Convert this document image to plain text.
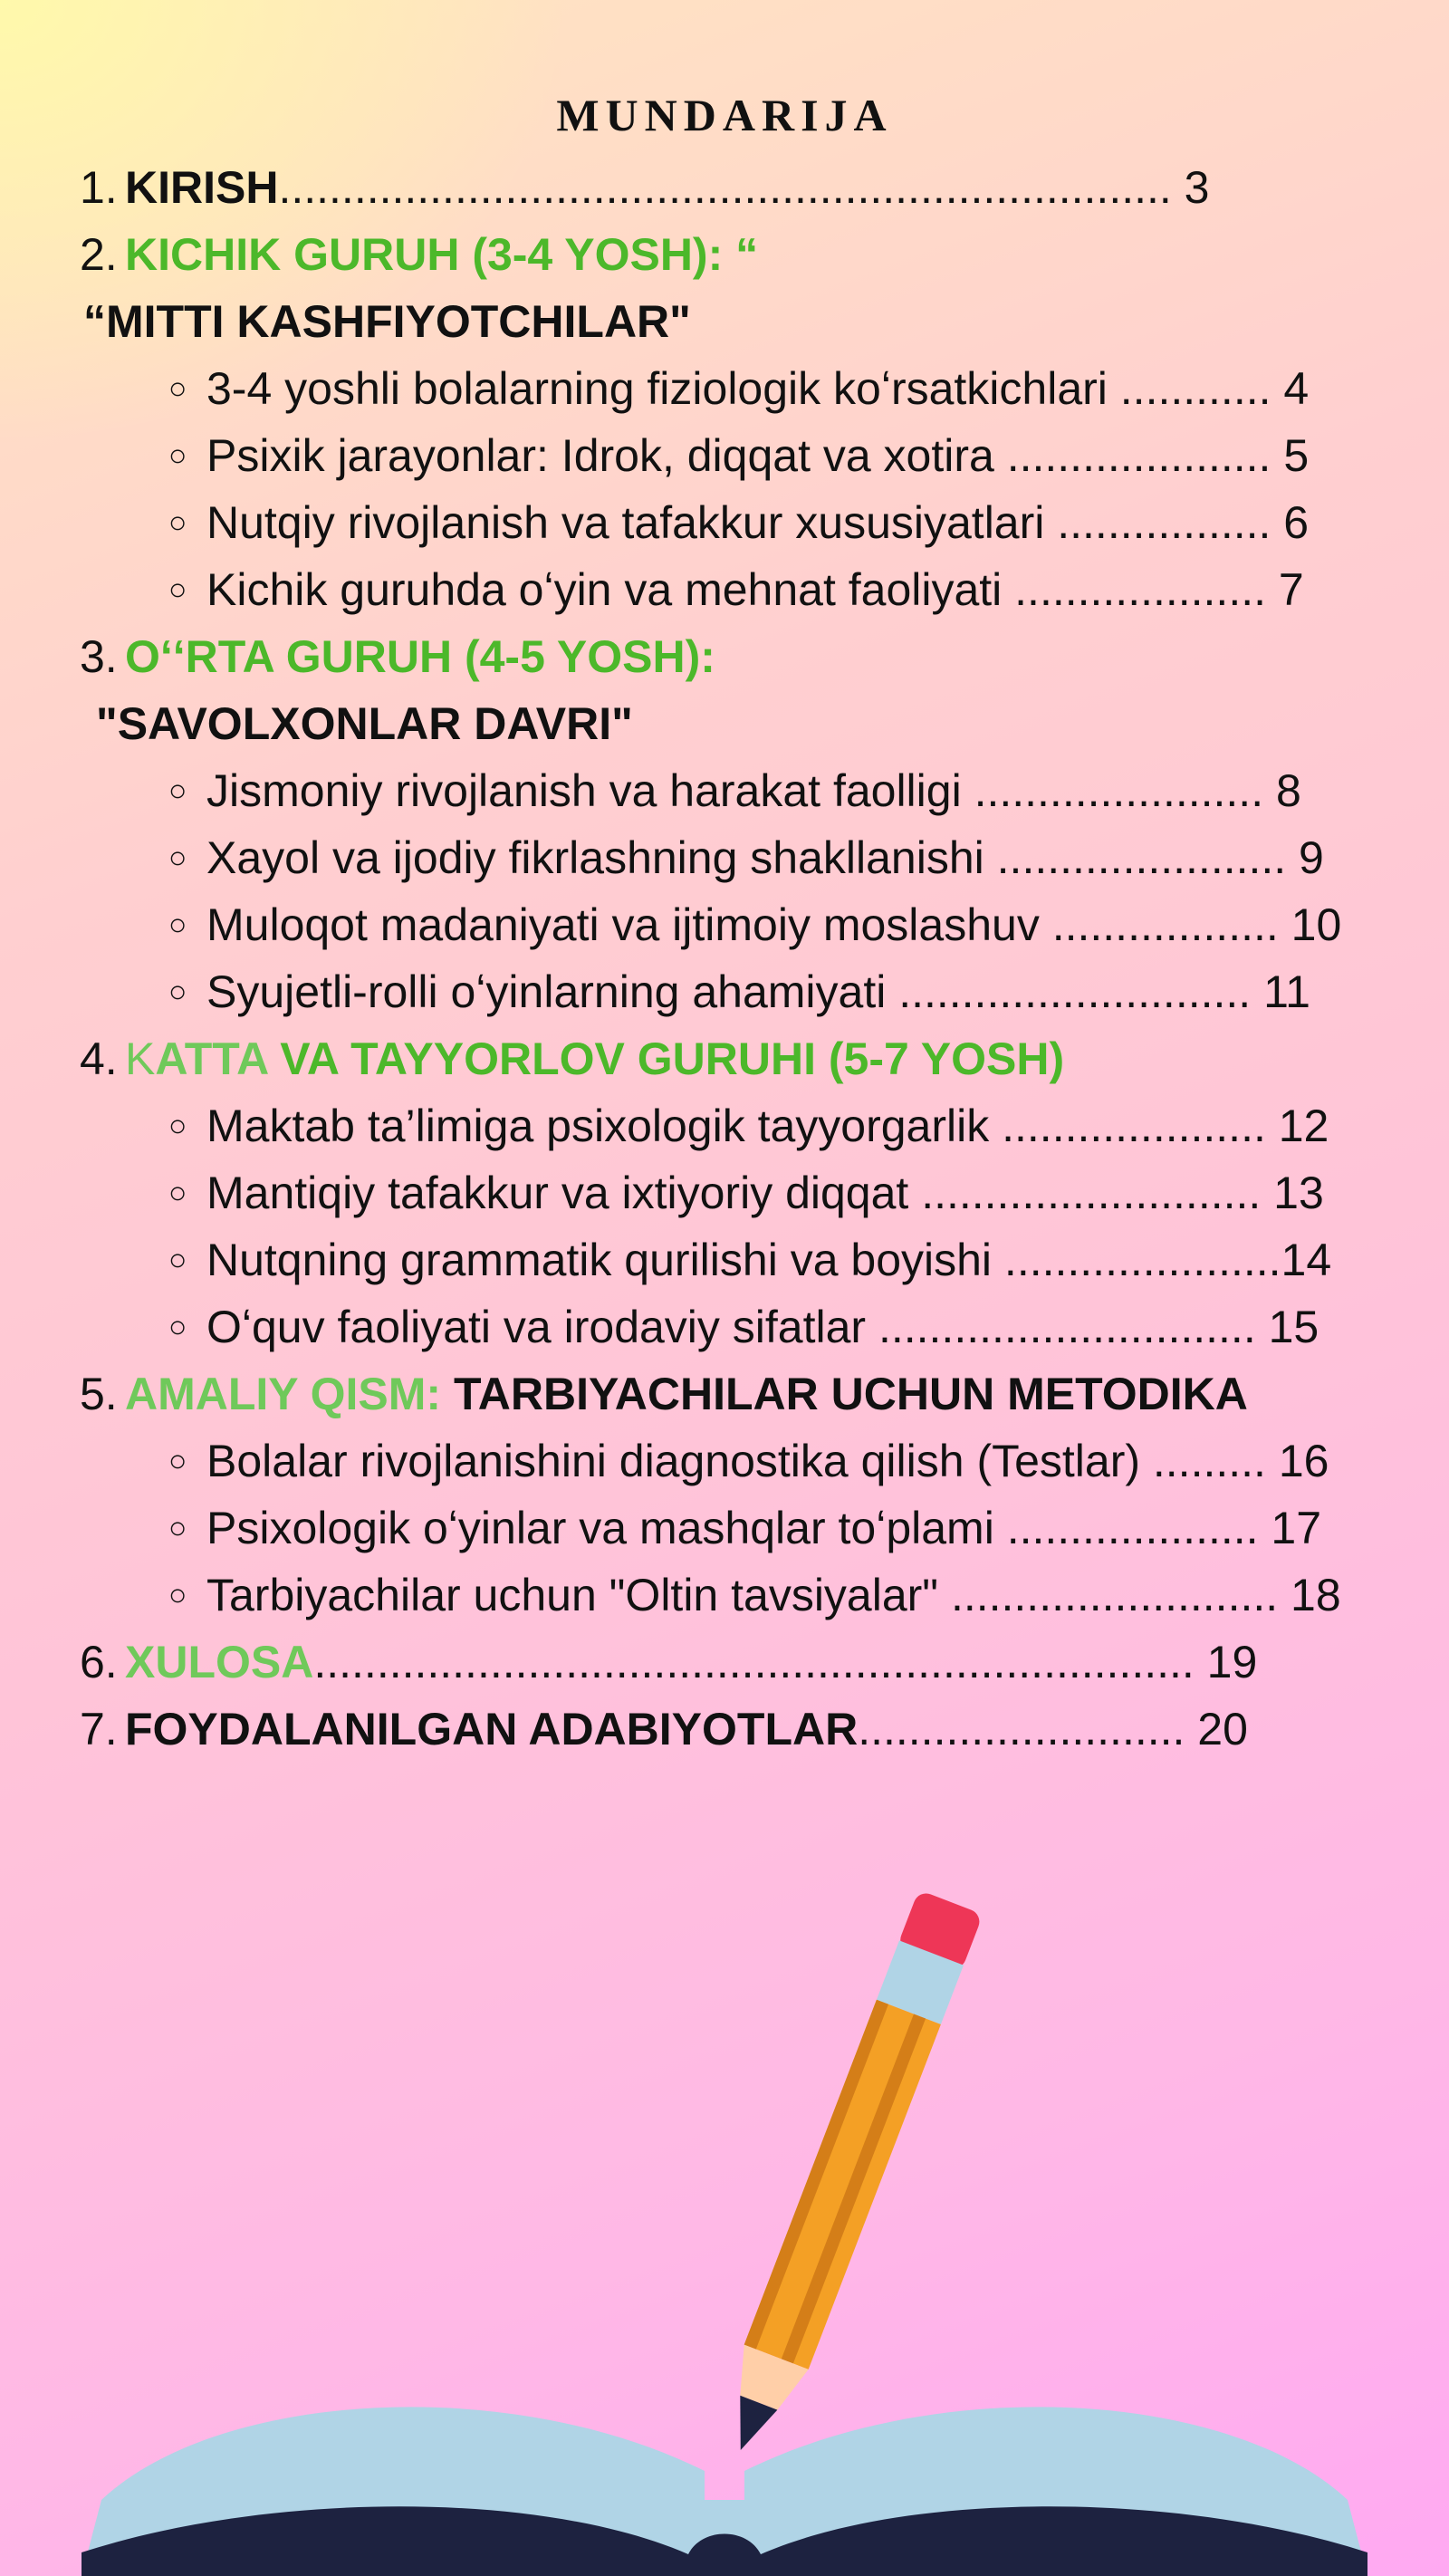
MUNDARIJA
1. KIRISH....................................................................... 3
2. KICHIK GURUH (3-4 YOSH): “
“MITTI KASHFIYOTCHILAR"
○ 3-4 yoshli bolalarning fiziologik koʻrsatkichlari ............ 4
○ Psixik jarayonlar: Idrok, diqqat va xotira ..................... 5
○ Nutqiy rivojlanish va tafakkur xususiyatlari ................. 6
○ Kichik guruhda oʻyin va mehnat faoliyati .................... 7
3. Oʻ‘RTA GURUH (4-5 YOSH):
"SAVOLXONLAR DAVRI"
○ Jismoniy rivojlanish va harakat faolligi ....................... 8
○ Xayol va ijodiy fikrlashning shakllanishi ....................... 9
○ Muloqot madaniyati va ijtimoiy moslashuv .................. 10
○ Syujetli-rolli oʻyinlarning ahamiyati ............................ 11
4. KATTA VA TAYYORLOV GURUHI (5-7 YOSH)
○ Maktab ta’limiga psixologik tayyorgarlik ..................... 12
○ Mantiqiy tafakkur va ixtiyoriy diqqat ........................... 13
○ Nutqning grammatik qurilishi va boyishi ......................14
○ Oʻquv faoliyati va irodaviy sifatlar .............................. 15
5. AMALIY QISM: TARBIYACHILAR UCHUN METODIKA
○ Bolalar rivojlanishini diagnostika qilish (Testlar) ......... 16
○ Psixologik oʻyinlar va mashqlar toʻplami .................... 17
○ Tarbiyachilar uchun "Oltin tavsiyalar" .......................... 18
6. XULOSA...................................................................... 19
7. FOYDALANILGAN ADABIYOTLAR.......................... 20
